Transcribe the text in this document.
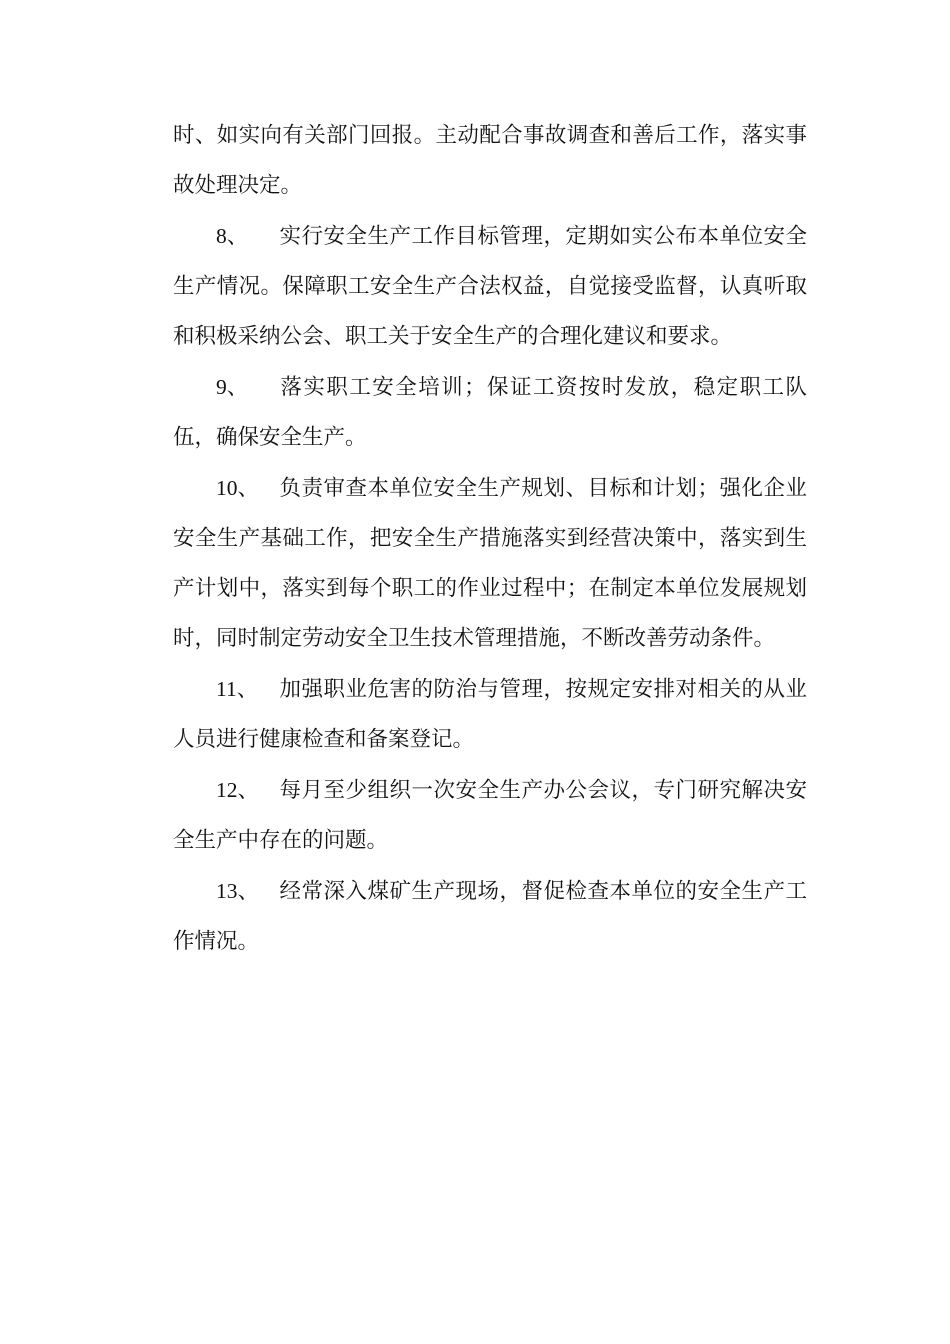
时、如实向有关部门回报。主动配合事故调查和善后工作，落实事故处理决定。

8、 实行安全生产工作目标管理，定期如实公布本单位安全生产情况。保障职工安全生产合法权益，自觉接受监督，认真听取和积极采纳公会、职工关于安全生产的合理化建议和要求。

9、 落实职工安全培训；保证工资按时发放，稳定职工队伍，确保安全生产。

10、 负责审查本单位安全生产规划、目标和计划；强化企业安全生产基础工作，把安全生产措施落实到经营决策中，落实到生产计划中，落实到每个职工的作业过程中；在制定本单位发展规划时，同时制定劳动安全卫生技术管理措施，不断改善劳动条件。

11、 加强职业危害的防治与管理，按规定安排对相关的从业人员进行健康检查和备案登记。

12、 每月至少组织一次安全生产办公会议，专门研究解决安全生产中存在的问题。

13、 经常深入煤矿生产现场，督促检查本单位的安全生产工作情况。
